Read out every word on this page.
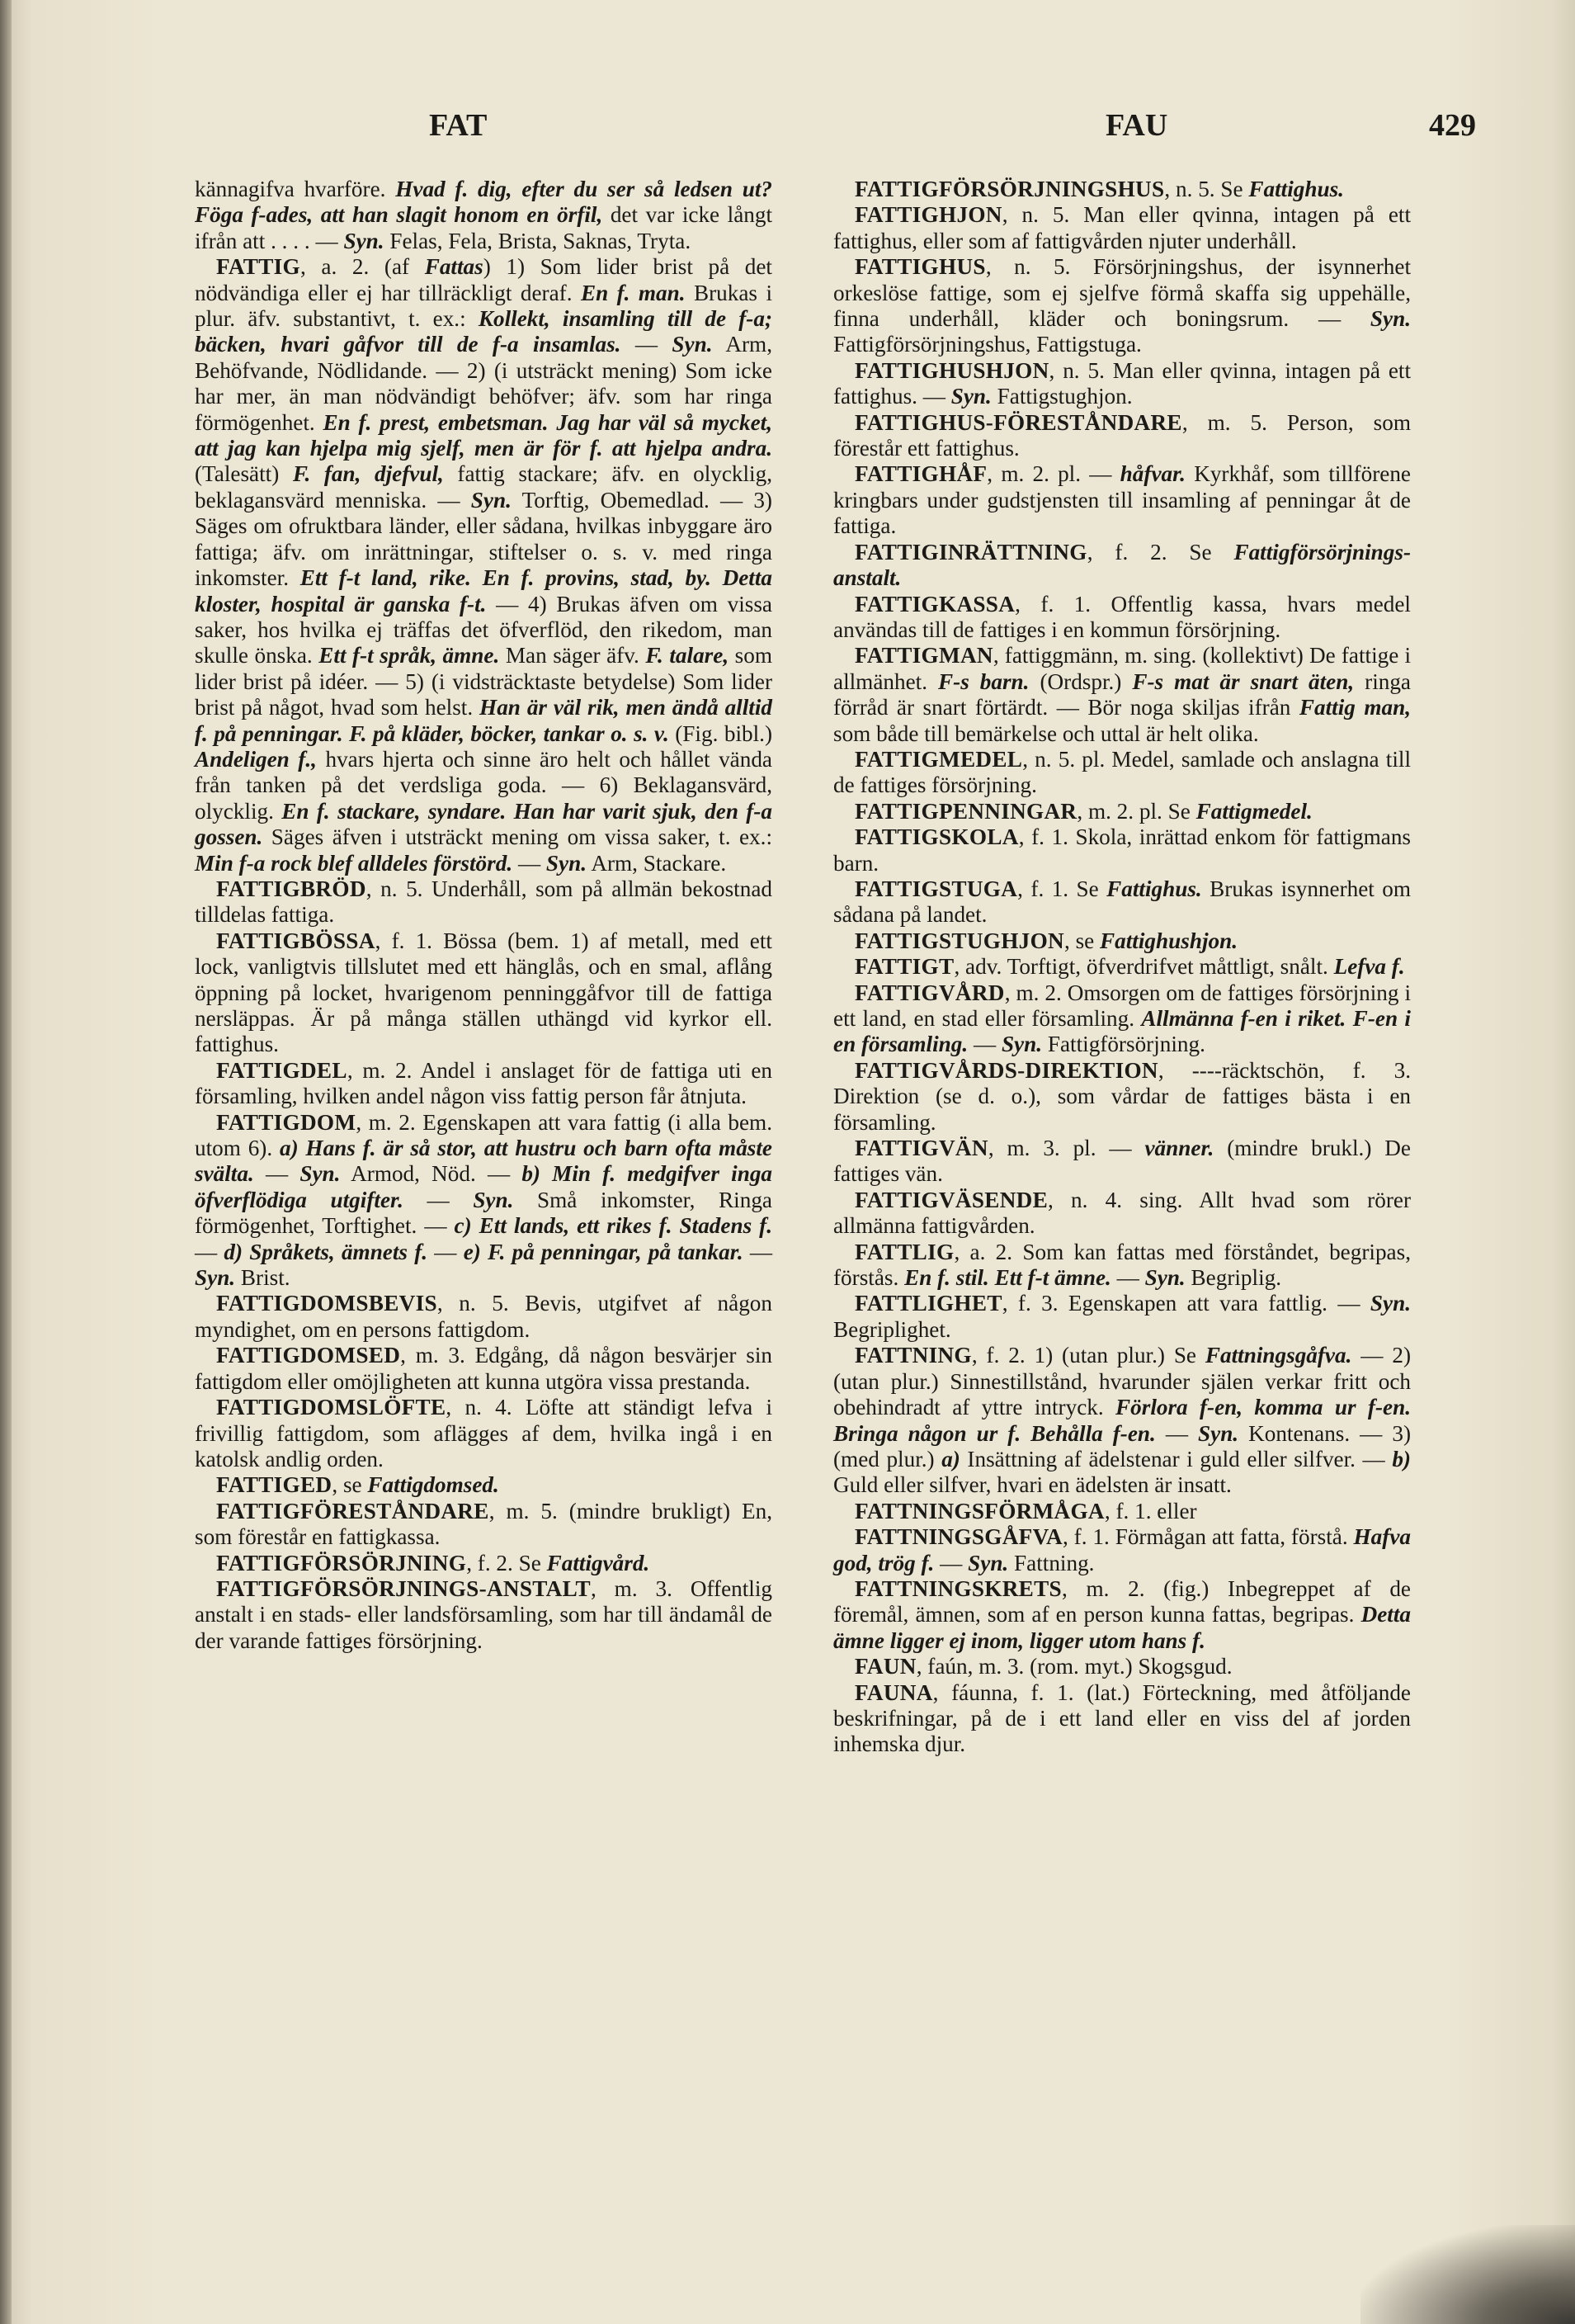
FAT	FAU	429

kännagifva hvarföre. Hvad f. dig, efter du ser så ledsen ut? Föga f-ades, att han slagit honom en örfil, det var icke långt ifrån att . . . . — Syn. Felas, Fela, Brista, Saknas, Tryta.

FATTIG, a. 2. (af Fattas) 1) Som lider brist på det nödvändiga eller ej har tillräckligt deraf. En f. man. Brukas i plur. äfv. substantivt, t. ex.: Kollekt, insamling till de f-a; bäcken, hvari gåfvor till de f-a insamlas. — Syn. Arm, Behöfvande, Nödlidande. — 2) (i utsträckt mening) Som icke har mer, än man nödvändigt behöfver; äfv. som har ringa förmögenhet. En f. prest, embetsman. Jag har väl så mycket, att jag kan hjelpa mig sjelf, men är för f. att hjelpa andra. (Talesätt) F. fan, djefvul, fattig stackare; äfv. en olycklig, beklagansvärd menniska. — Syn. Torftig, Obemedlad. — 3) Säges om ofruktbara länder, eller sådana, hvilkas inbyggare äro fattiga; äfv. om inrättningar, stiftelser o. s. v. med ringa inkomster. Ett f-t land, rike. En f. provins, stad, by. Detta kloster, hospital är ganska f-t. — 4) Brukas äfven om vissa saker, hos hvilka ej träffas det öfverflöd, den rikedom, man skulle önska. Ett f-t språk, ämne. Man säger äfv. F. talare, som lider brist på idéer. — 5) (i vidsträcktaste betydelse) Som lider brist på något, hvad som helst. Han är väl rik, men ändå alltid f. på penningar. F. på kläder, böcker, tankar o. s. v. (Fig. bibl.) Andeligen f., hvars hjerta och sinne äro helt och hållet vända från tanken på det verdsliga goda. — 6) Beklagansvärd, olycklig. En f. stackare, syndare. Han har varit sjuk, den f-a gossen. Säges äfven i utsträckt mening om vissa saker, t. ex.: Min f-a rock blef alldeles förstörd. — Syn. Arm, Stackare.

FATTIGBRÖD, n. 5. Underhåll, som på allmän bekostnad tilldelas fattiga.

FATTIGBÖSSA, f. 1. Bössa (bem. 1) af metall, med ett lock, vanligtvis tillslutet med ett hänglås, och en smal, aflång öppning på locket, hvarigenom penninggåfvor till de fattiga nersläppas. Är på många ställen uthängd vid kyrkor ell. fattighus.

FATTIGDEL, m. 2. Andel i anslaget för de fattiga uti en församling, hvilken andel någon viss fattig person får åtnjuta.

FATTIGDOM, m. 2. Egenskapen att vara fattig (i alla bem. utom 6). a) Hans f. är så stor, att hustru och barn ofta måste svälta. — Syn. Armod, Nöd. — b) Min f. medgifver inga öfverflödiga utgifter. — Syn. Små inkomster, Ringa förmögenhet, Torftighet. — c) Ett lands, ett rikes f. Stadens f. — d) Språkets, ämnets f. — e) F. på penningar, på tankar. — Syn. Brist.

FATTIGDOMSBEVIS, n. 5. Bevis, utgifvet af någon myndighet, om en persons fattigdom.

FATTIGDOMSED, m. 3. Edgång, då någon besvärjer sin fattigdom eller omöjligheten att kunna utgöra vissa prestanda.

FATTIGDOMSLÖFTE, n. 4. Löfte att ständigt lefva i frivillig fattigdom, som aflägges af dem, hvilka ingå i en katolsk andlig orden.

FATTIGED, se Fattigdomsed.

FATTIGFÖRESTÅNDARE, m. 5. (mindre brukligt) En, som förestår en fattigkassa.

FATTIGFÖRSÖRJNING, f. 2. Se Fattigvård.

FATTIGFÖRSÖRJNINGS-ANSTALT, m. 3. Offentlig anstalt i en stads- eller landsförsamling, som har till ändamål de der varande fattiges försörjning.

FATTIGFÖRSÖRJNINGSHUS, n. 5. Se Fattighus.

FATTIGHJON, n. 5. Man eller qvinna, intagen på ett fattighus, eller som af fattigvården njuter underhåll.

FATTIGHUS, n. 5. Försörjningshus, der isynnerhet orkeslöse fattige, som ej sjelfve förmå skaffa sig uppehälle, finna underhåll, kläder och boningsrum. — Syn. Fattigförsörjningshus, Fattigstuga.

FATTIGHUSHJON, n. 5. Man eller qvinna, intagen på ett fattighus. — Syn. Fattigstughjon.

FATTIGHUS-FÖRESTÅNDARE, m. 5. Person, som förestår ett fattighus.

FATTIGHÅF, m. 2. pl. — håfvar. Kyrkhåf, som tillförene kringbars under gudstjensten till insamling af penningar åt de fattiga.

FATTIGINRÄTTNING, f. 2. Se Fattigförsörjnings-anstalt.

FATTIGKASSA, f. 1. Offentlig kassa, hvars medel användas till de fattiges i en kommun försörjning.

FATTIGMAN, fattiggmänn, m. sing. (kollektivt) De fattige i allmänhet. F-s barn. (Ordspr.) F-s mat är snart äten, ringa förråd är snart förtärdt. — Bör noga skiljas ifrån Fattig man, som både till bemärkelse och uttal är helt olika.

FATTIGMEDEL, n. 5. pl. Medel, samlade och anslagna till de fattiges försörjning.

FATTIGPENNINGAR, m. 2. pl. Se Fattigmedel.

FATTIGSKOLA, f. 1. Skola, inrättad enkom för fattigmans barn.

FATTIGSTUGA, f. 1. Se Fattighus. Brukas isynnerhet om sådana på landet.

FATTIGSTUGHJON, se Fattighushjon.

FATTIGT, adv. Torftigt, öfverdrifvet måttligt, snålt. Lefva f.

FATTIGVÅRD, m. 2. Omsorgen om de fattiges försörjning i ett land, en stad eller församling. Allmänna f-en i riket. F-en i en församling. — Syn. Fattigförsörjning.

FATTIGVÅRDS-DIREKTION, ----räcktschön, f. 3. Direktion (se d. o.), som vårdar de fattiges bästa i en församling.

FATTIGVÄN, m. 3. pl. — vänner. (mindre brukl.) De fattiges vän.

FATTIGVÄSENDE, n. 4. sing. Allt hvad som rörer allmänna fattigvården.

FATTLIG, a. 2. Som kan fattas med förståndet, begripas, förstås. En f. stil. Ett f-t ämne. — Syn. Begriplig.

FATTLIGHET, f. 3. Egenskapen att vara fattlig. — Syn. Begriplighet.

FATTNING, f. 2. 1) (utan plur.) Se Fattningsgåfva. — 2) (utan plur.) Sinnestillstånd, hvarunder själen verkar fritt och obehindradt af yttre intryck. Förlora f-en, komma ur f-en. Bringa någon ur f. Behålla f-en. — Syn. Kontenans. — 3) (med plur.) a) Insättning af ädelstenar i guld eller silfver. — b) Guld eller silfver, hvari en ädelsten är insatt.

FATTNINGSFÖRMÅGA, f. 1. eller

FATTNINGSGÅFVA, f. 1. Förmågan att fatta, förstå. Hafva god, trög f. — Syn. Fattning.

FATTNINGSKRETS, m. 2. (fig.) Inbegreppet af de föremål, ämnen, som af en person kunna fattas, begripas. Detta ämne ligger ej inom, ligger utom hans f.

FAUN, faún, m. 3. (rom. myt.) Skogsgud.

FAUNA, fáunna, f. 1. (lat.) Förteckning, med åtföljande beskrifningar, på de i ett land eller en viss del af jorden inhemska djur.
